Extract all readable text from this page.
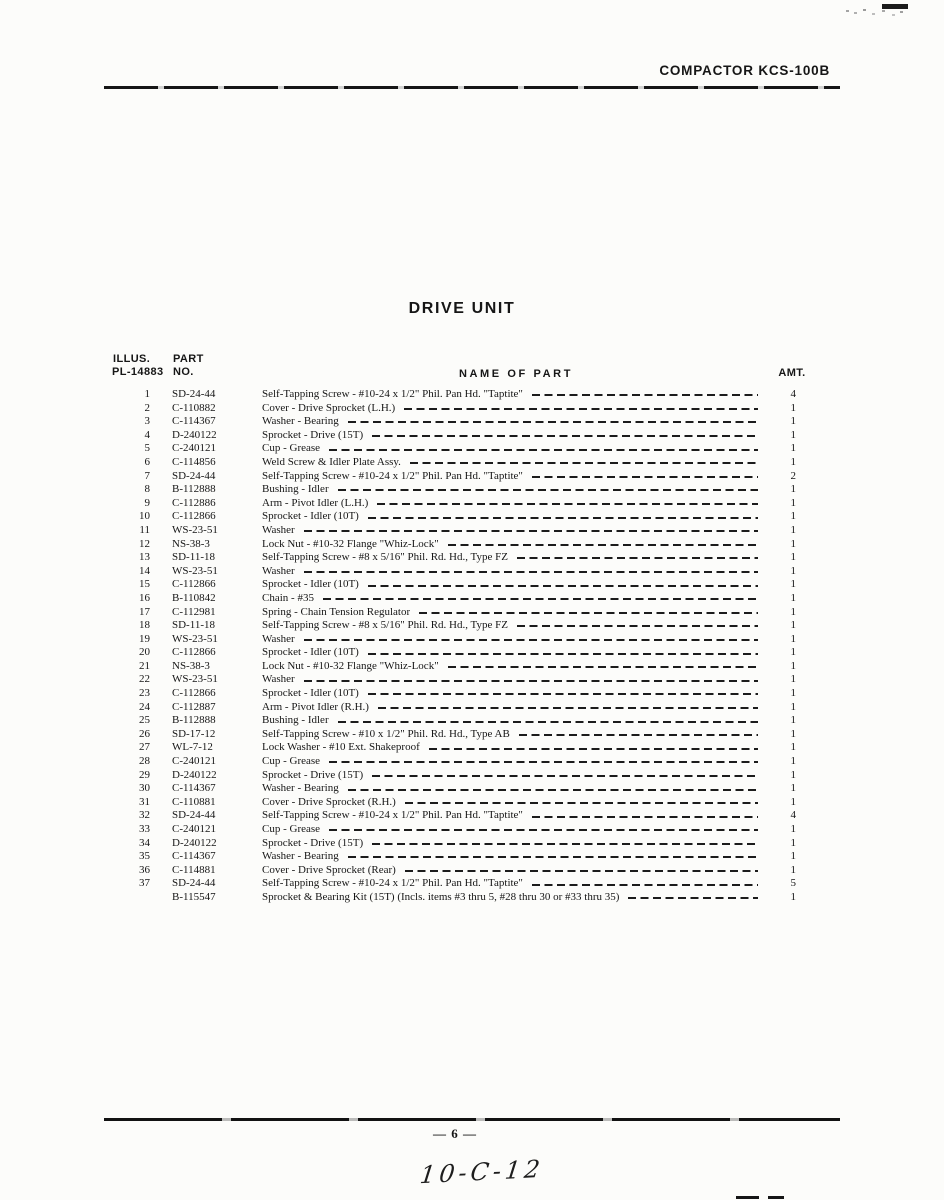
COMPACTOR KCS-100B
DRIVE UNIT
ILLUS.
PL-14883
PART
NO.	NAME OF PART	AMT.
1 SD-24-44	Self-Tapping Screw - #10-24 x 1/2" Phil. Pan Hd. "Taptite"	4
2 C-110882	Cover - Drive Sprocket (L.H.)	1
3 C-114367	Washer - Bearing	1
4 D-240122	Sprocket - Drive (15T)	1
5 C-240121	Cup - Grease	1
6 C-114856	Weld Screw & Idler Plate Assy.	1
7 SD-24-44	Self-Tapping Screw - #10-24 x 1/2" Phil. Pan Hd. "Taptite"	2
8 B-112888	Bushing - Idler	1
9 C-112886	Arm - Pivot Idler (L.H.)	1
10 C-112866	Sprocket - Idler (10T)	1
11 WS-23-51	Washer	1
12 NS-38-3	Lock Nut - #10-32 Flange "Whiz-Lock"	1
13 SD-11-18	Self-Tapping Screw - #8 x 5/16" Phil. Rd. Hd., Type FZ	1
14 WS-23-51	Washer	1
15 C-112866	Sprocket - Idler (10T)	1
16 B-110842	Chain - #35	1
17 C-112981	Spring - Chain Tension Regulator	1
18 SD-11-18	Self-Tapping Screw - #8 x 5/16" Phil. Rd. Hd., Type FZ	1
19 WS-23-51	Washer	1
20 C-112866	Sprocket - Idler (10T)	1
21 NS-38-3	Lock Nut - #10-32 Flange "Whiz-Lock"	1
22 WS-23-51	Washer	1
23 C-112866	Sprocket - Idler (10T)	1
24 C-112887	Arm - Pivot Idler (R.H.)	1
25 B-112888	Bushing - Idler	1
26 SD-17-12	Self-Tapping Screw - #10 x 1/2" Phil. Rd. Hd., Type AB	1
27 WL-7-12	Lock Washer - #10 Ext. Shakeproof	1
28 C-240121	Cup - Grease	1
29 D-240122	Sprocket - Drive (15T)	1
30 C-114367	Washer - Bearing	1
31 C-110881	Cover - Drive Sprocket (R.H.)	1
32 SD-24-44	Self-Tapping Screw - #10-24 x 1/2" Phil. Pan Hd. "Taptite"	4
33 C-240121	Cup - Grease	1
34 D-240122	Sprocket - Drive (15T)	1
35 C-114367	Washer - Bearing	1
36 C-114881	Cover - Drive Sprocket (Rear)	1
37 SD-24-44	Self-Tapping Screw - #10-24 x 1/2" Phil. Pan Hd. "Taptite"	5
B-115547	Sprocket & Bearing Kit (15T) (Incls. items #3 thru 5, #28 thru 30 or #33 thru 35)	1
— 6 —
10-C-12
